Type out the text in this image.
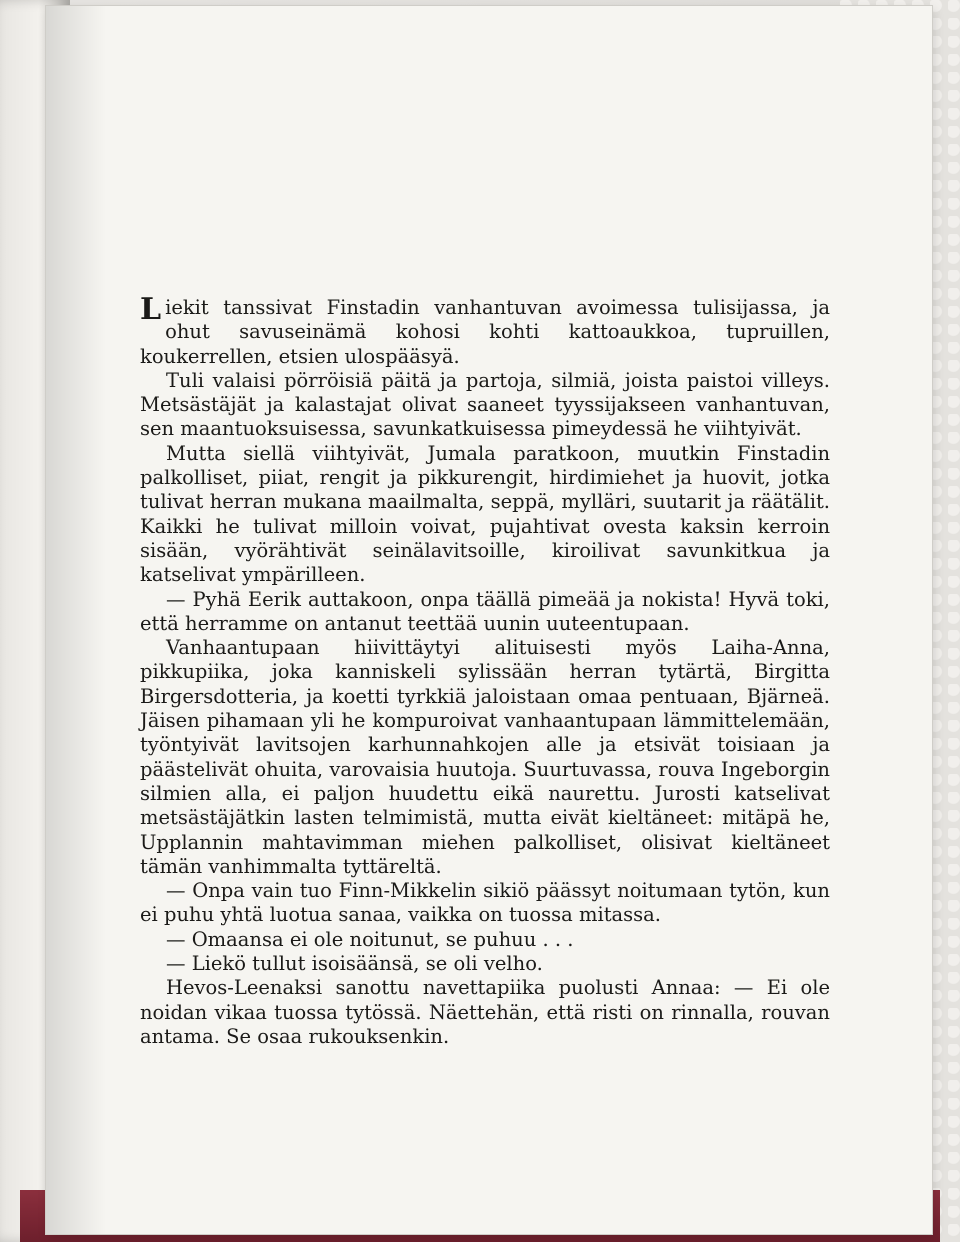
Liekit tanssivat Finstadin vanhantuvan avoimessa tulisijassa, ja ohut savuseinämä kohosi kohti kattoaukkoa, tupruillen, koukerrellen, etsien ulospääsyä.

Tuli valaisi pörröisiä päitä ja partoja, silmiä, joista paistoi villeys. Metsästäjät ja kalastajat olivat saaneet tyyssijakseen vanhantuvan, sen maantuoksuisessa, savunkatkuisessa pimeydessä he viihtyivät.

Mutta siellä viihtyivät, Jumala paratkoon, muutkin Finstadin palkolliset, piiat, rengit ja pikkurengit, hirdimiehet ja huovit, jotka tulivat herran mukana maailmalta, seppä, mylläri, suutarit ja räätälit. Kaikki he tulivat milloin voivat, pujahtivat ovesta kaksin kerroin sisään, vyörähtivät seinälavitsoille, kiroilivat savunkitkua ja katselivat ympärilleen.

— Pyhä Eerik auttakoon, onpa täällä pimeää ja nokista! Hyvä toki, että herramme on antanut teettää uunin uuteentupaan.

Vanhaantupaan hiivittäytyi alituisesti myös Laiha-Anna, pikkupiika, joka kanniskeli sylissään herran tytärtä, Birgitta Birgersdotteria, ja koetti tyrkkiä jaloistaan omaa pentuaan, Bjärneä. Jäisen pihamaan yli he kompuroivat vanhaantupaan lämmittelemään, työntyivät lavitsojen karhunnahkojen alle ja etsivät toisiaan ja päästelivät ohuita, varovaisia huutoja. Suurtuvassa, rouva Ingeborgin silmien alla, ei paljon huudettu eikä naurettu. Jurosti katselivat metsästäjätkin lasten telmimistä, mutta eivät kieltäneet: mitäpä he, Upplannin mahtavimman miehen palkolliset, olisivat kieltäneet tämän vanhimmalta tyttäreltä.

— Onpa vain tuo Finn-Mikkelin sikiö päässyt noitumaan tytön, kun ei puhu yhtä luotua sanaa, vaikka on tuossa mitassa.

— Omaansa ei ole noitunut, se puhuu . . .

— Liekö tullut isoisäänsä, se oli velho.

Hevos-Leenaksi sanottu navettapiika puolusti Annaa: — Ei ole noidan vikaa tuossa tytössä. Näettehän, että risti on rinnalla, rouvan antama. Se osaa rukouksenkin.
